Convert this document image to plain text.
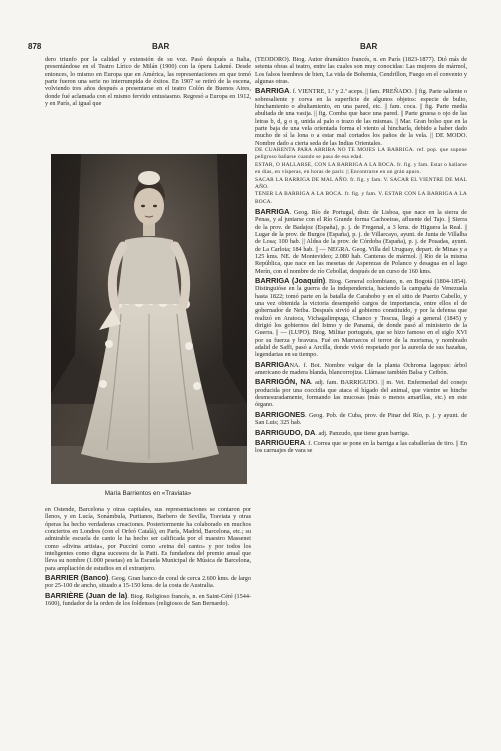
878	BAR	BAR

dero triunfo por la calidad y extensión de su voz. Pasó después a Italia, presentándose en el Teatro Lírico de Milán (1900) con la ópera Lakmé. Desde entonces, lo mismo en Europa que en América, las representaciones en que tomó parte fueron una serie no interrumpida de éxitos. En 1907 se retiró de la escena, volviendo tres años después a presentarse en el teatro Colón de Buenos Aires, donde fué aclamada con el mismo fervido entusiasmo. Regresó a Europa en 1912, y en París, al igual que

María Barrientos en «Traviata»

en Ostende, Barcelona y otras capitales, sus representaciones se contaron por llenos, y en Lucía, Sonámbula, Puritanos, Barbero de Sevilla, Traviata y otras óperas ha hecho verdaderas creaciones. Posteriormente ha colaborado en muchos conciertos en Londres (con el Orfeó Català), en París, Madrid, Barcelona, etc.; su admirable escuela de canto le ha hecho ser calificada por el maestro Massenet como «divina artista», por Puccini como «reina del canto» y por todos los inteligentes como digna sucesora de la Patti. Es fundadora del premio anual que lleva su nombre (1.000 pesetas) en la Escuela Municipal de Música de Barcelona, para ampliación de estudios en el extranjero.

BARRIER (Banco). Geog. Gran banco de coral de cerca 2.600 kms. de largo por 25-100 de ancho, situado a 15-150 kms. de la costa de Australia.

BARRIÈRE (Juan de la). Biog. Religioso francés, n. en Saint-Céré (1544-1600), fundador de la orden de los foldenses (religiosos de San Bernardo).

(TEODORO). Biog. Autor dramático francés, n. en París (1823-1877). Dió más de setenta obras al teatro, entre las cuales son muy conocidas: Las mujeres de mármol, Los falsos hombres de bien, La vida de Bohemia, Cendrillon, Fuego en el convento y algunas otras.

BARRIGA. f. VIENTRE, 1.ª y 2.ª aceps. || fam. PREÑADO. || fig. Parte saliente o sobresaliente y corva en la superficie de algunos objetos: especie de bulto, hinchamiento o abultamiento, en una pared, etc. || fam. coca. || fig. Parte media abultada de una vasija. || fig. Comba que hace una pared. || Parte gruesa o ojo de las letras b, d, g o q, unida al palo o trazo de las mismas. || Mar. Gran bolso que en la parte baja de una vela orientada forma el viento al hincharla, debido a haber dado mucho de sí la lona o a estar mal cortados los paños de la vela. || DE MODO. Nombre dado a cierta seda de las Indias Orientales.

DE CUARENTA PARA ARRIBA NO TE MOJES LA BARRIGA. ref. pop. que supone peligroso bañarse cuando se pasa de esa edad.

ESTAR, O HALLARSE, CON LA BARRIGA A LA BOCA. fr. fig. y fam. Estar o hallarse en días, en vísperas, en horas de parir. || Encontrarse en un grán apuro.

SACAR LA BARRIGA DE MAL AÑO. fr. fig. y fam. V. SACAR EL VIENTRE DE MAL AÑO.

TENER LA BARRIGA A LA BOCA. fr. fig. y fam. V. ESTAR CON LA BARRIGA A LA BOCA.

BARRIGA. Geog. Río de Portugal, distr. de Lisboa, que nace en la sierra de Penas, y al juntarse con el Río Grande forma Cachoeiras, afluente del Tajo. || Sierra de la prov. de Badajoz (España), p. j. de Fregenal, a 3 kms. de Higuera la Real. || Lugar de la prov. de Burgos (España), p. j. de Villarcayo, ayunt. de Junta de Villalba de Losa; 100 hab. || Aldea de la prov. de Córdoba (España), p. j. de Posadas, ayunt. de La Carlota; 184 hab. || — NEGRA. Geog. Villa del Uruguay, depart. de Minas y a 125 kms. NE. de Montevideo; 2.080 hab. Canteras de mármol. || Río de la misma República, que nace en las mesetas de Asperezas de Polanco y desagua en el lago Merín, con el nombre de río Cebollat, después de un curso de 160 kms.

BARRIGA (Joaquín). Biog. General colombiano, n. en Bogotá (1804-1854). Distinguióse en la guerra de la independencia, haciendo la campaña de Venezuela hasta 1822; tomó parte en la batalla de Carabobo y en el sitio de Puerto Cabello, y una vez obtenida la victoria desempeñó cargos de importancia, entre ellos el de gobernador de Neiba. Después sirvió al gobierno constituido, y por la defensa que realizó en Aratoca, Vichagalimpuga, Chanco y Tescua, llegó a general (1845) y dirigió los gobiernos del Istmo y de Panamá, de donde pasó al ministerio de la Guerra. || — (LUPO). Biog. Militar portugués, que se hizo famoso en el siglo XVI por su fuerza y bravura. Fué en Marruecos el terror de la morisma, y nombrado adalid de Saffi, pasó a Arcilla, donde vivió respetado por la aureola de sus hazañas, legendarias en su tiempo.

BARRIGANA. f. Bot. Nombre vulgar de la planta Ochroma lagopus: árbol americano de madera blanda, blancorrojiza. Llámase también Balsa y Ceibón.

BARRIGÓN, NA. adj. fam. BARRIGUDO. || m. Vet. Enfermedad del conejo producida por una coccidia que ataca el hígado del animal, que vientre se hinche desmesuradamente, formando las mucosas (más o menos amarillas, etc.) en este órgano.

BARRIGONES. Geog. Pob. de Cuba, prov. de Pinar del Río, p. j. y ayunt. de San Luis; 325 hab.

BARRIGUDO, DA. adj. Panzudo, que tiene gran barriga.

BARRIGUERA. f. Correa que se pone en la barriga a las caballerías de tiro. || En los carruajes de vara se
